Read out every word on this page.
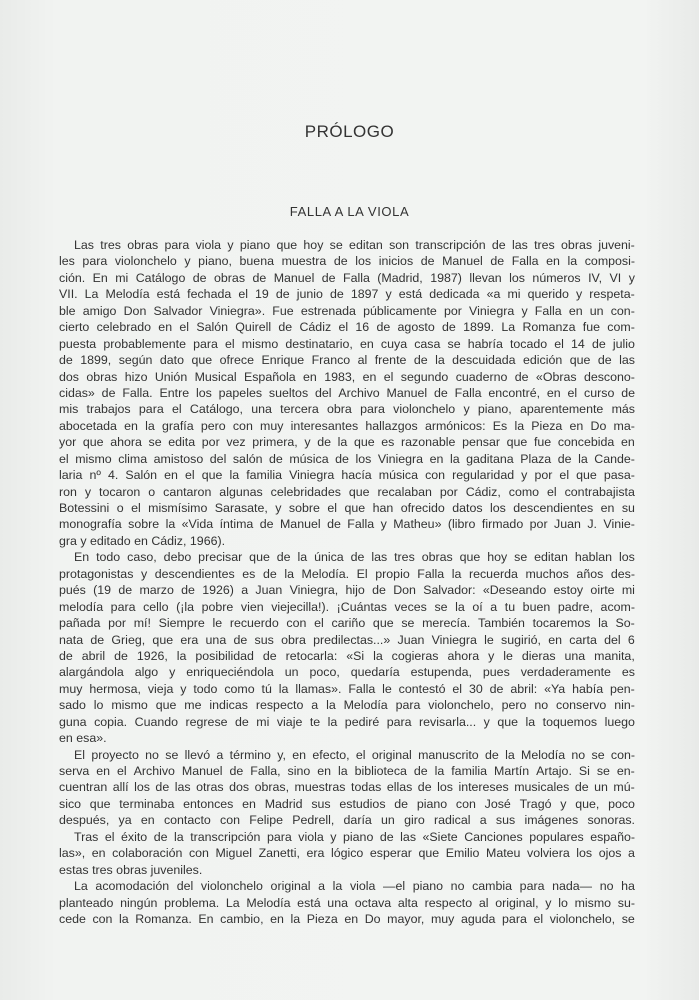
PRÓLOGO
FALLA A LA VIOLA
Las tres obras para viola y piano que hoy se editan son transcripción de las tres obras juveni-
les para violonchelo y piano, buena muestra de los inicios de Manuel de Falla en la composi-
ción. En mi Catálogo de obras de Manuel de Falla (Madrid, 1987) llevan los números IV, VI y
VII. La Melodía está fechada el 19 de junio de 1897 y está dedicada «a mi querido y respeta-
ble amigo Don Salvador Viniegra». Fue estrenada públicamente por Viniegra y Falla en un con-
cierto celebrado en el Salón Quirell de Cádiz el 16 de agosto de 1899. La Romanza fue com-
puesta probablemente para el mismo destinatario, en cuya casa se habría tocado el 14 de julio
de 1899, según dato que ofrece Enrique Franco al frente de la descuidada edición que de las
dos obras hizo Unión Musical Española en 1983, en el segundo cuaderno de «Obras descono-
cidas» de Falla. Entre los papeles sueltos del Archivo Manuel de Falla encontré, en el curso de
mis trabajos para el Catálogo, una tercera obra para violonchelo y piano, aparentemente más
abocetada en la grafía pero con muy interesantes hallazgos armónicos: Es la Pieza en Do ma-
yor que ahora se edita por vez primera, y de la que es razonable pensar que fue concebida en
el mismo clima amistoso del salón de música de los Viniegra en la gaditana Plaza de la Cande-
laria nº 4. Salón en el que la familia Viniegra hacía música con regularidad y por el que pasa-
ron y tocaron o cantaron algunas celebridades que recalaban por Cádiz, como el contrabajista
Botessini o el mismísimo Sarasate, y sobre el que han ofrecido datos los descendientes en su
monografía sobre la «Vida íntima de Manuel de Falla y Matheu» (libro firmado por Juan J. Vinie-
gra y editado en Cádiz, 1966).
En todo caso, debo precisar que de la única de las tres obras que hoy se editan hablan los
protagonistas y descendientes es de la Melodía. El propio Falla la recuerda muchos años des-
pués (19 de marzo de 1926) a Juan Viniegra, hijo de Don Salvador: «Deseando estoy oirte mi
melodía para cello (¡la pobre vien viejecilla!). ¡Cuántas veces se la oí a tu buen padre, acom-
pañada por mí! Siempre le recuerdo con el cariño que se merecía. También tocaremos la So-
nata de Grieg, que era una de sus obra predilectas...» Juan Viniegra le sugirió, en carta del 6
de abril de 1926, la posibilidad de retocarla: «Si la cogieras ahora y le dieras una manita,
alargándola algo y enriqueciéndola un poco, quedaría estupenda, pues verdaderamente es
muy hermosa, vieja y todo como tú la llamas». Falla le contestó el 30 de abril: «Ya había pen-
sado lo mismo que me indicas respecto a la Melodía para violonchelo, pero no conservo nin-
guna copia. Cuando regrese de mi viaje te la pediré para revisarla... y que la toquemos luego
en esa».
El proyecto no se llevó a término y, en efecto, el original manuscrito de la Melodía no se con-
serva en el Archivo Manuel de Falla, sino en la biblioteca de la familia Martín Artajo. Si se en-
cuentran allí los de las otras dos obras, muestras todas ellas de los intereses musicales de un mú-
sico que terminaba entonces en Madrid sus estudios de piano con José Tragó y que, poco
después, ya en contacto con Felipe Pedrell, daría un giro radical a sus imágenes sonoras.
Tras el éxito de la transcripción para viola y piano de las «Siete Canciones populares españo-
las», en colaboración con Miguel Zanetti, era lógico esperar que Emilio Mateu volviera los ojos a
estas tres obras juveniles.
La acomodación del violonchelo original a la viola —el piano no cambia para nada— no ha
planteado ningún problema. La Melodía está una octava alta respecto al original, y lo mismo su-
cede con la Romanza. En cambio, en la Pieza en Do mayor, muy aguda para el violonchelo, se
